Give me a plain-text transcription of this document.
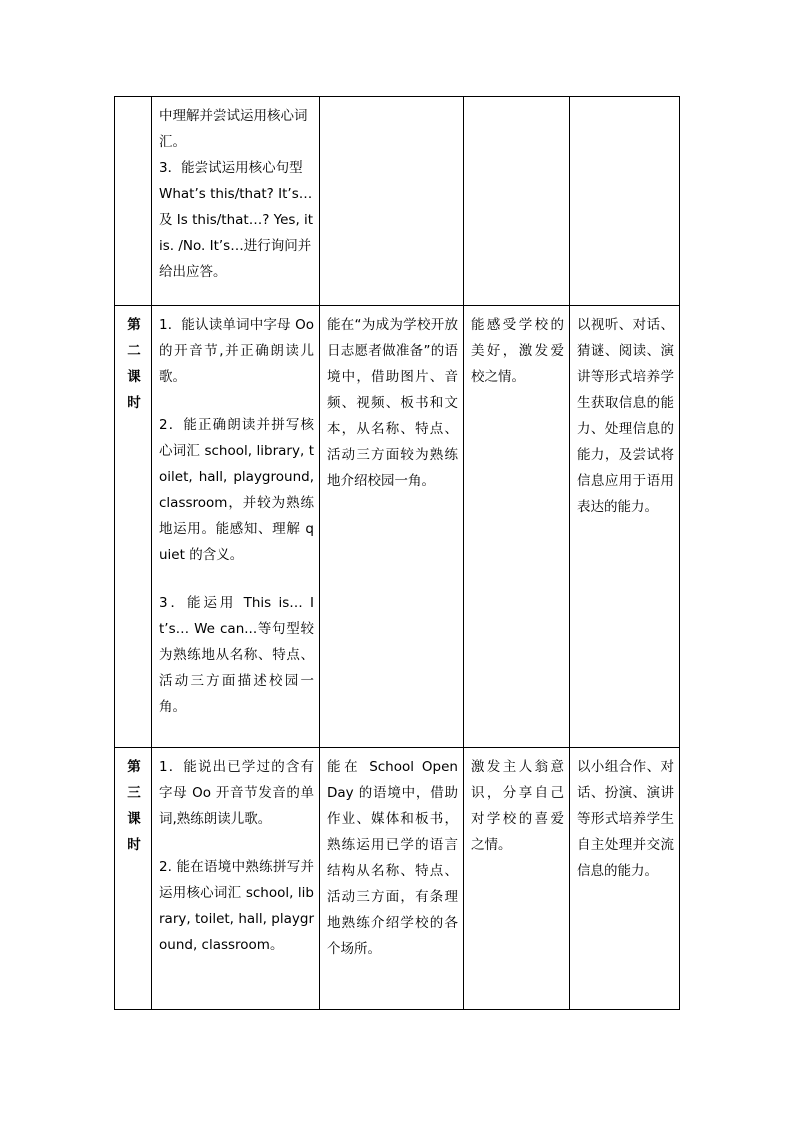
	中理解并尝试运用核心词汇。
3．能尝试运用核心句型 What’s this/that? It’s…及 Is this/that…? Yes, it is. /No. It’s…进行询问并给出应答。			

第
二
课
时	1．能认读单词中字母 Oo 的开音节,并正确朗读儿歌。
2．能正确朗读并拼写核心词汇 school, library, toilet, hall, playground, classroom，并较为熟练地运用。能感知、理解 quiet 的含义。
3．能运用 This is… It’s… We can...等句型较为熟练地从名称、特点、活动三方面描述校园一角。	能在“为成为学校开放日志愿者做准备”的语境中，借助图片、音频、视频、板书和文本，从名称、特点、活动三方面较为熟练地介绍校园一角。	能感受学校的美好，激发爱校之情。	以视听、对话、猜谜、阅读、演讲等形式培养学生获取信息的能力、处理信息的能力，及尝试将信息应用于语用表达的能力。

第
三
课
时	1．能说出已学过的含有字母 Oo 开音节发音的单词,熟练朗读儿歌。
2. 能在语境中熟练拼写并运用核心词汇 school, library, toilet, hall, playground, classroom。	能在 School Open Day 的语境中，借助作业、媒体和板书，熟练运用已学的语言结构从名称、特点、活动三方面，有条理地熟练介绍学校的各个场所。	激发主人翁意识，分享自己对学校的喜爱之情。	以小组合作、对话、扮演、演讲等形式培养学生自主处理并交流信息的能力。
